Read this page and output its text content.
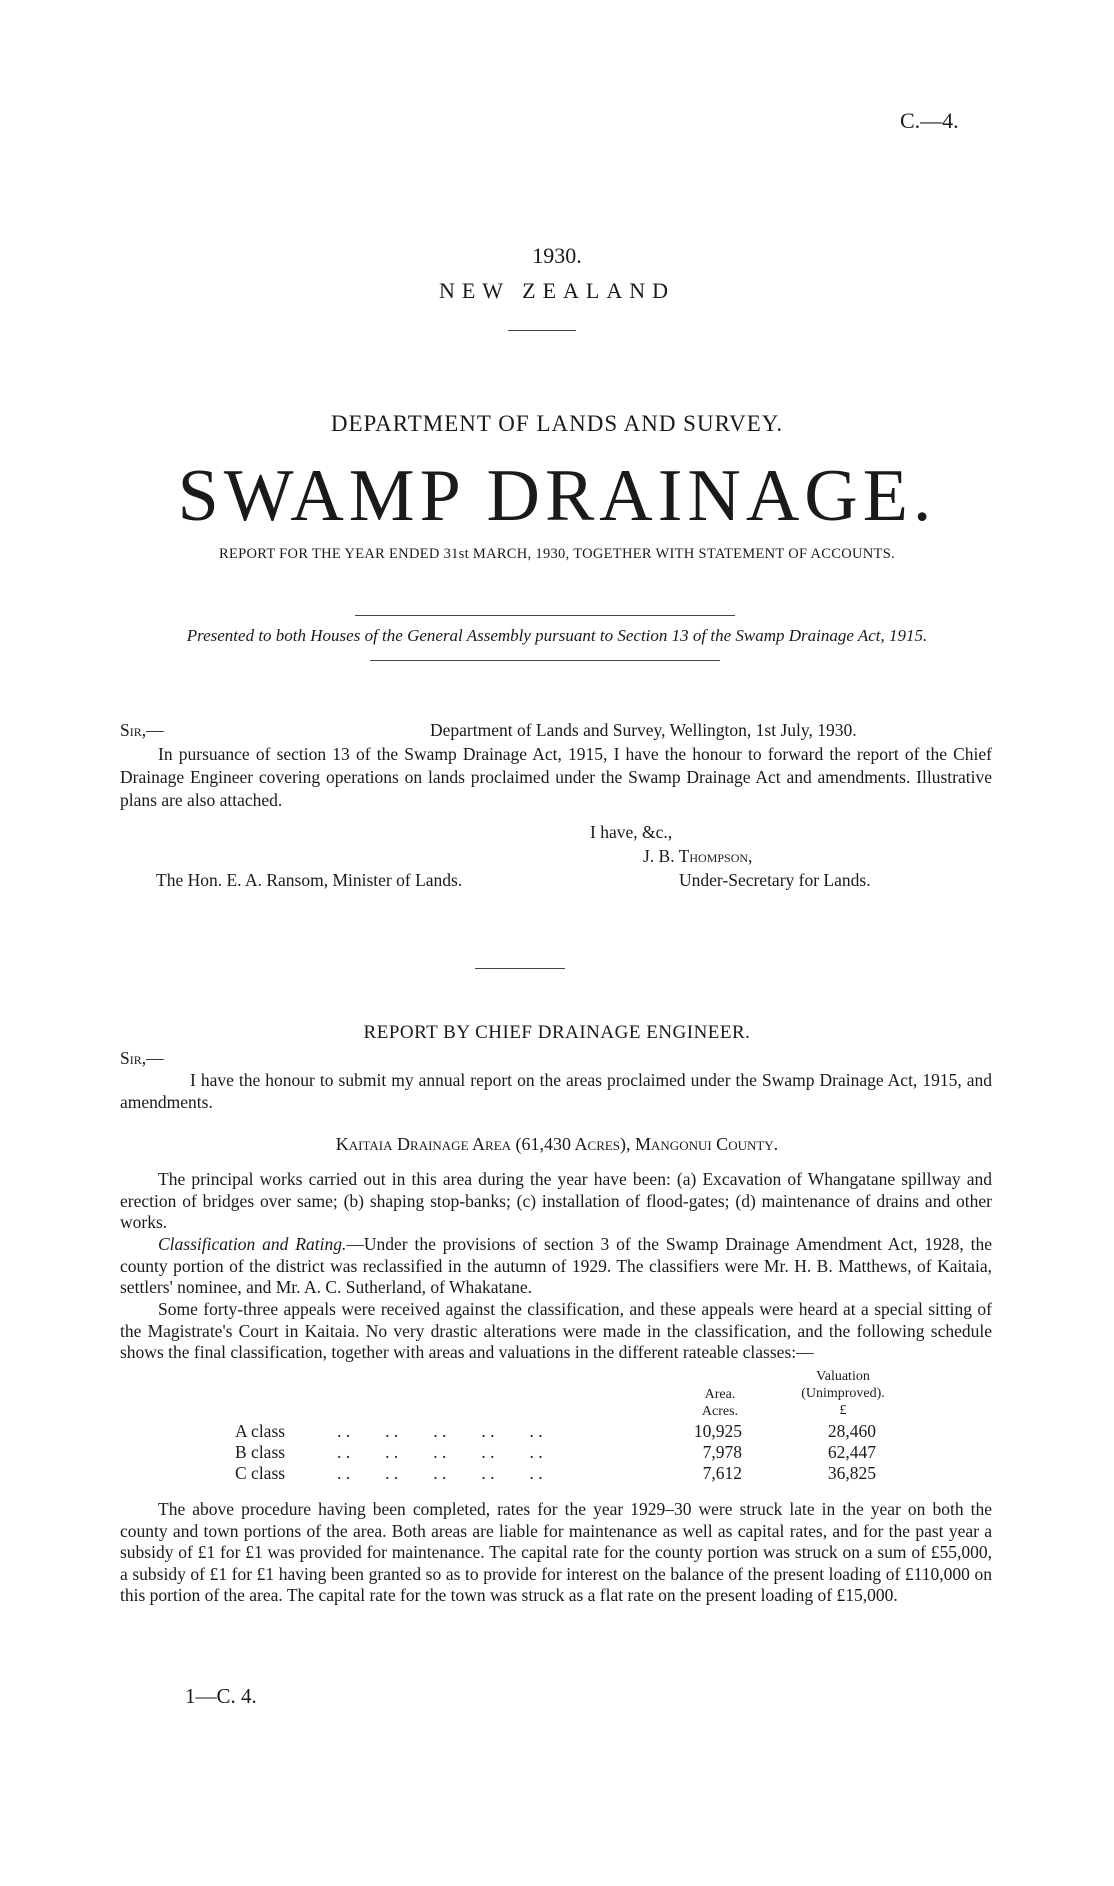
C.—4.
1930.
NEW ZEALAND
DEPARTMENT OF LANDS AND SURVEY.
SWAMP DRAINAGE.
REPORT FOR THE YEAR ENDED 31st MARCH, 1930, TOGETHER WITH STATEMENT OF ACCOUNTS.
Presented to both Houses of the General Assembly pursuant to Section 13 of the Swamp Drainage Act, 1915.
Sir,—	Department of Lands and Survey, Wellington, 1st July, 1930.
In pursuance of section 13 of the Swamp Drainage Act, 1915, I have the honour to forward the report of the Chief Drainage Engineer covering operations on lands proclaimed under the Swamp Drainage Act and amendments. Illustrative plans are also attached.
I have, &c.,
J. B. Thompson,
The Hon. E. A. Ransom, Minister of Lands.	Under-Secretary for Lands.
REPORT BY CHIEF DRAINAGE ENGINEER.
Sir,—
I have the honour to submit my annual report on the areas proclaimed under the Swamp Drainage Act, 1915, and amendments.
Kaitaia Drainage Area (61,430 Acres), Mangonui County.
The principal works carried out in this area during the year have been: (a) Excavation of Whangatane spillway and erection of bridges over same; (b) shaping stop-banks; (c) installation of flood-gates; (d) maintenance of drains and other works.
Classification and Rating.—Under the provisions of section 3 of the Swamp Drainage Amendment Act, 1928, the county portion of the district was reclassified in the autumn of 1929. The classifiers were Mr. H. B. Matthews, of Kaitaia, settlers' nominee, and Mr. A. C. Sutherland, of Whakatane.
Some forty-three appeals were received against the classification, and these appeals were heard at a special sitting of the Magistrate's Court in Kaitaia. No very drastic alterations were made in the classification, and the following schedule shows the final classification, together with areas and valuations in the different rateable classes:—
Area.
Acres.
Valuation
(Unimproved).
£
A class	. .        . .        . .        . .        . .	10,925	28,460
B class	. .        . .        . .        . .        . .	7,978	62,447
C class	. .        . .        . .        . .        . .	7,612	36,825
The above procedure having been completed, rates for the year 1929–30 were struck late in the year on both the county and town portions of the area. Both areas are liable for maintenance as well as capital rates, and for the past year a subsidy of £1 for £1 was provided for maintenance. The capital rate for the county portion was struck on a sum of £55,000, a subsidy of £1 for £1 having been granted so as to provide for interest on the balance of the present loading of £110,000 on this portion of the area. The capital rate for the town was struck as a flat rate on the present loading of £15,000.
1—C. 4.
